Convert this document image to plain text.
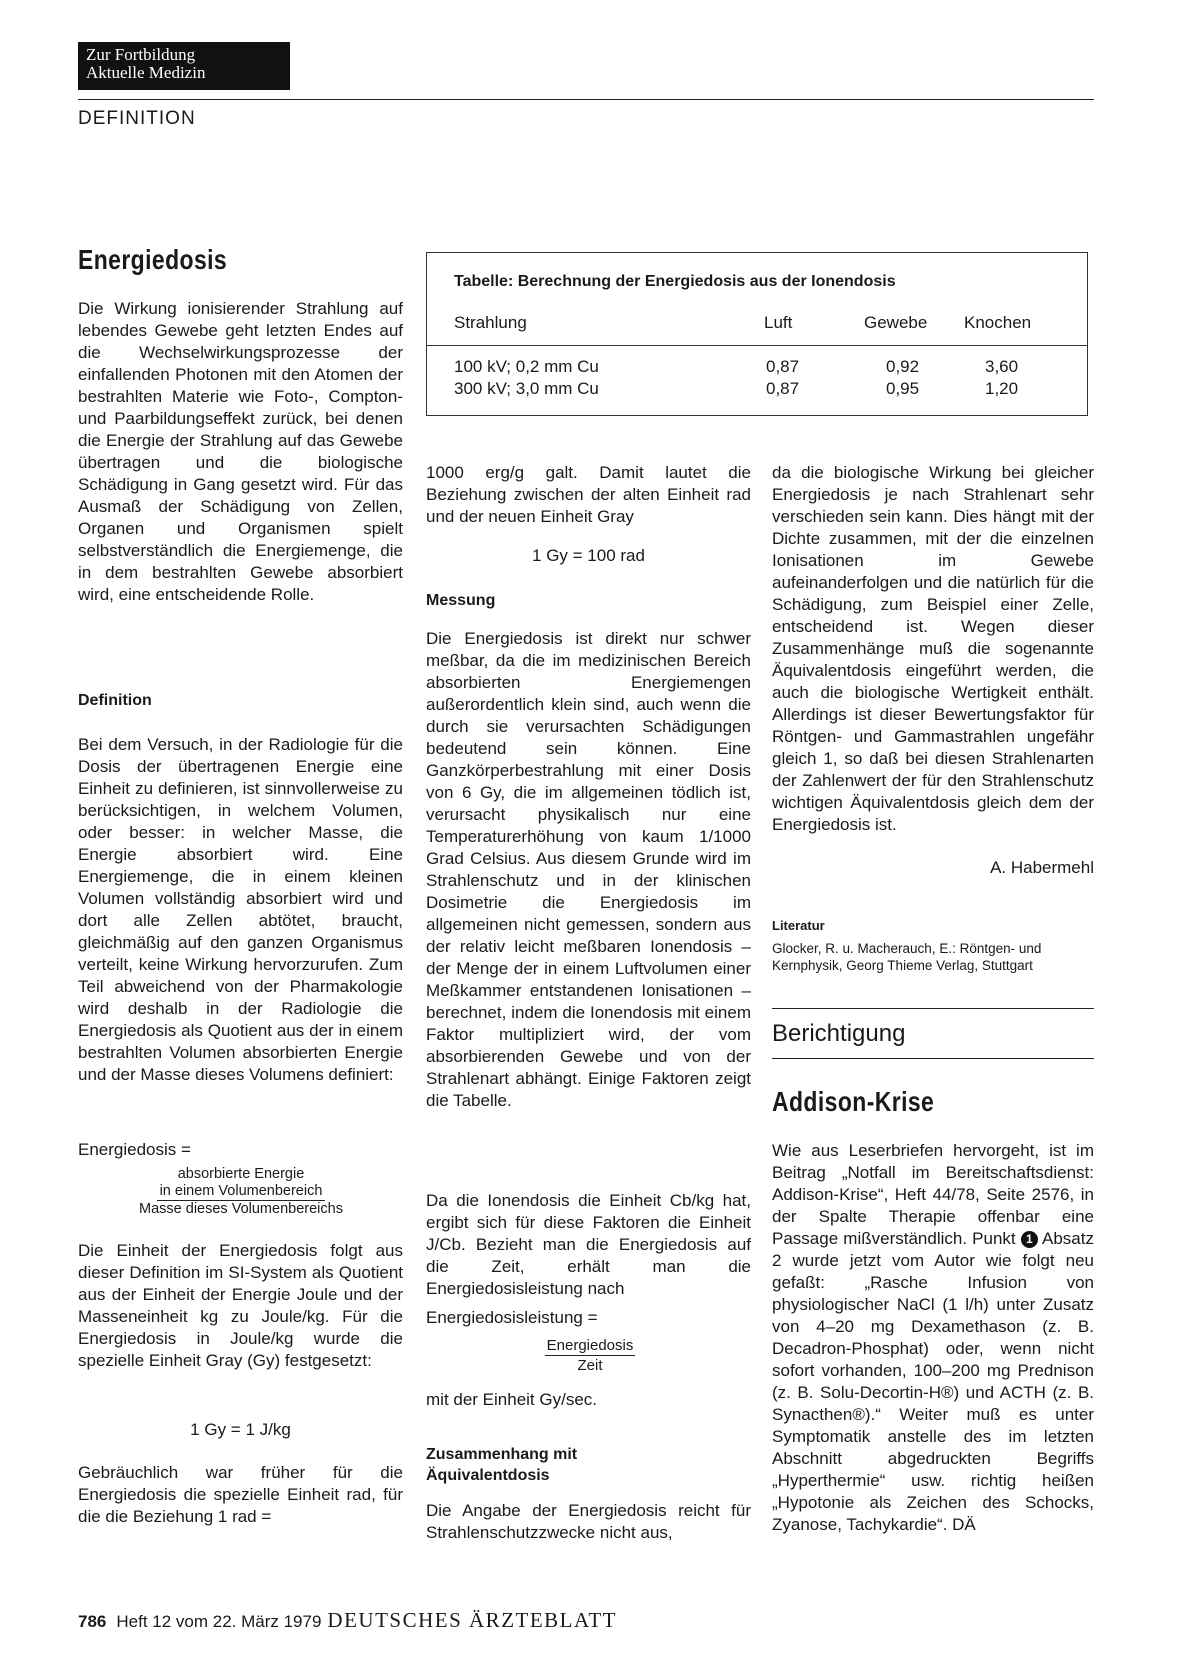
Zur Fortbildung
Aktuelle Medizin
DEFINITION
Energiedosis

Die Wirkung ionisierender Strahlung auf lebendes Gewebe geht letzten Endes auf die Wechselwirkungsprozesse der einfallenden Photonen mit den Atomen der bestrahlten Materie wie Foto-, Compton- und Paarbildungseffekt zurück, bei denen die Energie der Strahlung auf das Gewebe übertragen und die biologische Schädigung in Gang gesetzt wird. Für das Ausmaß der Schädigung von Zellen, Organen und Organismen spielt selbstverständlich die Energiemenge, die in dem bestrahlten Gewebe absorbiert wird, eine entscheidende Rolle.

Definition

Bei dem Versuch, in der Radiologie für die Dosis der übertragenen Energie eine Einheit zu definieren, ist sinnvollerweise zu berücksichtigen, in welchem Volumen, oder besser: in welcher Masse, die Energie absorbiert wird. Eine Energiemenge, die in einem kleinen Volumen vollständig absorbiert wird und dort alle Zellen abtötet, braucht, gleichmäßig auf den ganzen Organismus verteilt, keine Wirkung hervorzurufen. Zum Teil abweichend von der Pharmakologie wird deshalb in der Radiologie die Energiedosis als Quotient aus der in einem bestrahlten Volumen absorbierten Energie und der Masse dieses Volumens definiert:

Energiedosis =
absorbierte Energie
in einem Volumenbereich
Masse dieses Volumenbereichs

Die Einheit der Energiedosis folgt aus dieser Definition im SI-System als Quotient aus der Einheit der Energie Joule und der Masseneinheit kg zu Joule/kg. Für die Energiedosis in Joule/kg wurde die spezielle Einheit Gray (Gy) festgesetzt:

1 Gy = 1 J/kg

Gebräuchlich war früher für die Energiedosis die spezielle Einheit rad, für die die Beziehung 1 rad =

Tabelle: Berechnung der Energiedosis aus der Ionendosis
Strahlung	Luft	Gewebe Knochen
100 kV; 0,2 mm Cu	0,87	0,92	3,60
300 kV; 3,0 mm Cu	0,87	0,95	1,20

1000 erg/g galt. Damit lautet die Beziehung zwischen der alten Einheit rad und der neuen Einheit Gray

1 Gy = 100 rad

Messung

Die Energiedosis ist direkt nur schwer meßbar, da die im medizinischen Bereich absorbierten Energiemengen außerordentlich klein sind, auch wenn die durch sie verursachten Schädigungen bedeutend sein können. Eine Ganzkörperbestrahlung mit einer Dosis von 6 Gy, die im allgemeinen tödlich ist, verursacht physikalisch nur eine Temperaturerhöhung von kaum 1/1000 Grad Celsius. Aus diesem Grunde wird im Strahlenschutz und in der klinischen Dosimetrie die Energiedosis im allgemeinen nicht gemessen, sondern aus der relativ leicht meßbaren Ionendosis – der Menge der in einem Luftvolumen einer Meßkammer entstandenen Ionisationen – berechnet, indem die Ionendosis mit einem Faktor multipliziert wird, der vom absorbierenden Gewebe und von der Strahlenart abhängt. Einige Faktoren zeigt die Tabelle.

Da die Ionendosis die Einheit Cb/kg hat, ergibt sich für diese Faktoren die Einheit J/Cb. Bezieht man die Energiedosis auf die Zeit, erhält man die Energiedosisleistung nach

Energiedosisleistung =
Energiedosis
Zeit
mit der Einheit Gy/sec.
Zusammenhang mit
Äquivalentdosis

Die Angabe der Energiedosis reicht für Strahlenschutzzwecke nicht aus,

da die biologische Wirkung bei gleicher Energiedosis je nach Strahlenart sehr verschieden sein kann. Dies hängt mit der Dichte zusammen, mit der die einzelnen Ionisationen im Gewebe aufeinanderfolgen und die natürlich für die Schädigung, zum Beispiel einer Zelle, entscheidend ist. Wegen dieser Zusammenhänge muß die sogenannte Äquivalentdosis eingeführt werden, die auch die biologische Wertigkeit enthält. Allerdings ist dieser Bewertungsfaktor für Röntgen- und Gammastrahlen ungefähr gleich 1, so daß bei diesen Strahlenarten der Zahlenwert der für den Strahlenschutz wichtigen Äquivalentdosis gleich dem der Energiedosis ist.

A. Habermehl

Literatur

Glocker, R. u. Macherauch, E.: Röntgen- und Kernphysik, Georg Thieme Verlag, Stuttgart

Berichtigung
Addison-Krise

Wie aus Leserbriefen hervorgeht, ist im Beitrag „Notfall im Bereitschaftsdienst: Addison-Krise“, Heft 44/78, Seite 2576, in der Spalte Therapie offenbar eine Passage mißverständlich. Punkt 1 Absatz 2 wurde jetzt vom Autor wie folgt neu gefaßt: „Rasche Infusion von physiologischer NaCl (1 l/h) unter Zusatz von 4–20 mg Dexamethason (z. B. Decadron-Phosphat) oder, wenn nicht sofort vorhanden, 100–200 mg Prednison (z. B. Solu-Decortin-H®) und ACTH (z. B. Synacthen®).“ Weiter muß es unter Symptomatik anstelle des im letzten Abschnitt abgedruckten Begriffs „Hyperthermie“ usw. richtig heißen „Hypotonie als Zeichen des Schocks, Zyanose, Tachykardie“. DÄ

786 Heft 12 vom 22. März 1979 DEUTSCHES ÄRZTEBLATT
